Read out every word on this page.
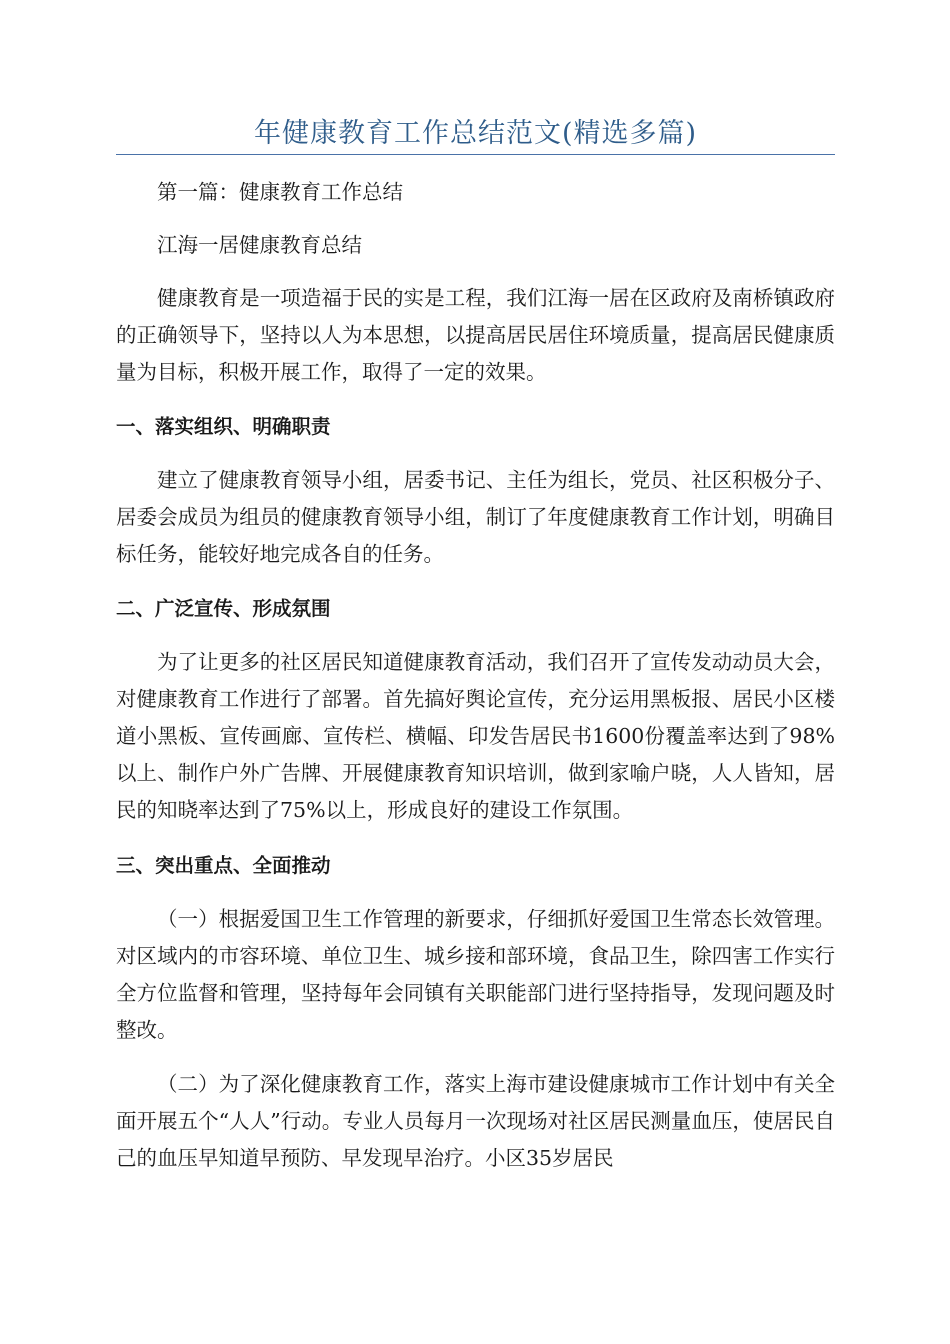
年健康教育工作总结范文(精选多篇)

第一篇：健康教育工作总结

江海一居健康教育总结

健康教育是一项造福于民的实是工程，我们江海一居在区政府及南桥镇政府的正确领导下，坚持以人为本思想，以提高居民居住环境质量，提高居民健康质量为目标，积极开展工作，取得了一定的效果。

一、落实组织、明确职责

建立了健康教育领导小组，居委书记、主任为组长，党员、社区积极分子、居委会成员为组员的健康教育领导小组，制订了年度健康教育工作计划，明确目标任务，能较好地完成各自的任务。

二、广泛宣传、形成氛围

为了让更多的社区居民知道健康教育活动，我们召开了宣传发动动员大会，对健康教育工作进行了部署。首先搞好舆论宣传，充分运用黑板报、居民小区楼道小黑板、宣传画廊、宣传栏、横幅、印发告居民书1600份覆盖率达到了98%以上、制作户外广告牌、开展健康教育知识培训，做到家喻户晓，人人皆知，居民的知晓率达到了75%以上，形成良好的建设工作氛围。

三、突出重点、全面推动

（一）根据爱国卫生工作管理的新要求，仔细抓好爱国卫生常态长效管理。对区域内的市容环境、单位卫生、城乡接和部环境，食品卫生，除四害工作实行全方位监督和管理，坚持每年会同镇有关职能部门进行坚持指导，发现问题及时整改。

（二）为了深化健康教育工作，落实上海市建设健康城市工作计划中有关全面开展五个“人人”行动。专业人员每月一次现场对社区居民测量血压，使居民自己的血压早知道早预防、早发现早治疗。小区35岁居民
